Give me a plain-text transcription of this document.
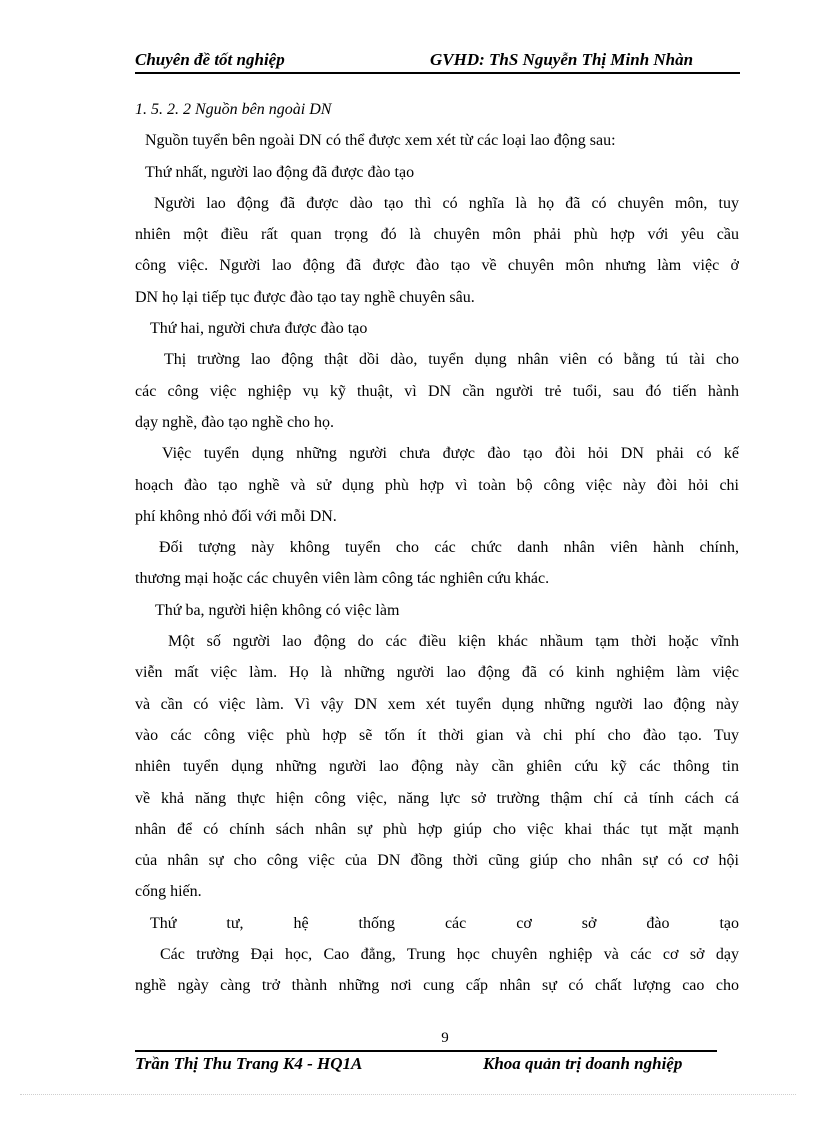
Chuyên đề tốt nghiệp	GVHD: ThS Nguyễn Thị Minh Nhàn
1. 5. 2. 2 Nguồn bên ngoài DN
Nguồn tuyển bên ngoài DN có thể được xem xét từ các loại lao động sau:
Thứ nhất, người lao động đã được đào tạo
Người lao động đã được dào tạo thì có nghĩa là họ đã có chuyên môn, tuy
nhiên một điều rất quan trọng đó là chuyên môn phải phù hợp với yêu cầu
công việc. Người lao động đã được đào tạo về chuyên môn nhưng làm việc ở
DN họ lại tiếp tục được đào tạo tay nghề chuyên sâu.
Thứ hai, người chưa được đào tạo
Thị trường lao động thật dồi dào, tuyển dụng nhân viên có bằng tú tài cho
các công việc nghiệp vụ kỹ thuật, vì DN cần người trẻ tuổi, sau đó tiến hành
dạy nghề, đào tạo nghề cho họ.
Việc tuyển dụng những người chưa được đào tạo đòi hỏi DN phải có kế
hoạch đào tạo nghề và sử dụng phù hợp vì toàn bộ công việc này đòi hỏi chi
phí không nhỏ đối với mỗi DN.
Đối tượng này không tuyển cho các chức danh nhân viên hành chính,
thương mại hoặc các chuyên viên làm công tác nghiên cứu khác.
Thứ ba, người hiện không có việc làm
Một số người lao động do các điều kiện khác nhầum tạm thời hoặc vĩnh
viễn mất việc làm. Họ là những người lao động đã có kinh nghiệm làm việc
và cần có việc làm. Vì vậy DN xem xét tuyển dụng những người lao động này
vào các công việc phù hợp sẽ tốn ít thời gian và chi phí cho đào tạo. Tuy
nhiên tuyển dụng những người lao động này cần ghiên cứu kỹ các thông tin
về khả năng thực hiện công việc, năng lực sở trường thậm chí cả tính cách cá
nhân để có chính sách nhân sự phù hợp giúp cho việc khai thác tụt mặt mạnh
của nhân sự cho công việc của DN đồng thời cũng giúp cho nhân sự có cơ hội
cống hiến.
Thứ tư, hệ thống các cơ sở đào tạo
Các trường Đại học, Cao đẳng, Trung học chuyên nghiệp và các cơ sở dạy
nghề ngày càng trở thành những nơi cung cấp nhân sự có chất lượng cao cho
9
Trần Thị Thu Trang K4 - HQ1A	Khoa quản trị doanh nghiệp
